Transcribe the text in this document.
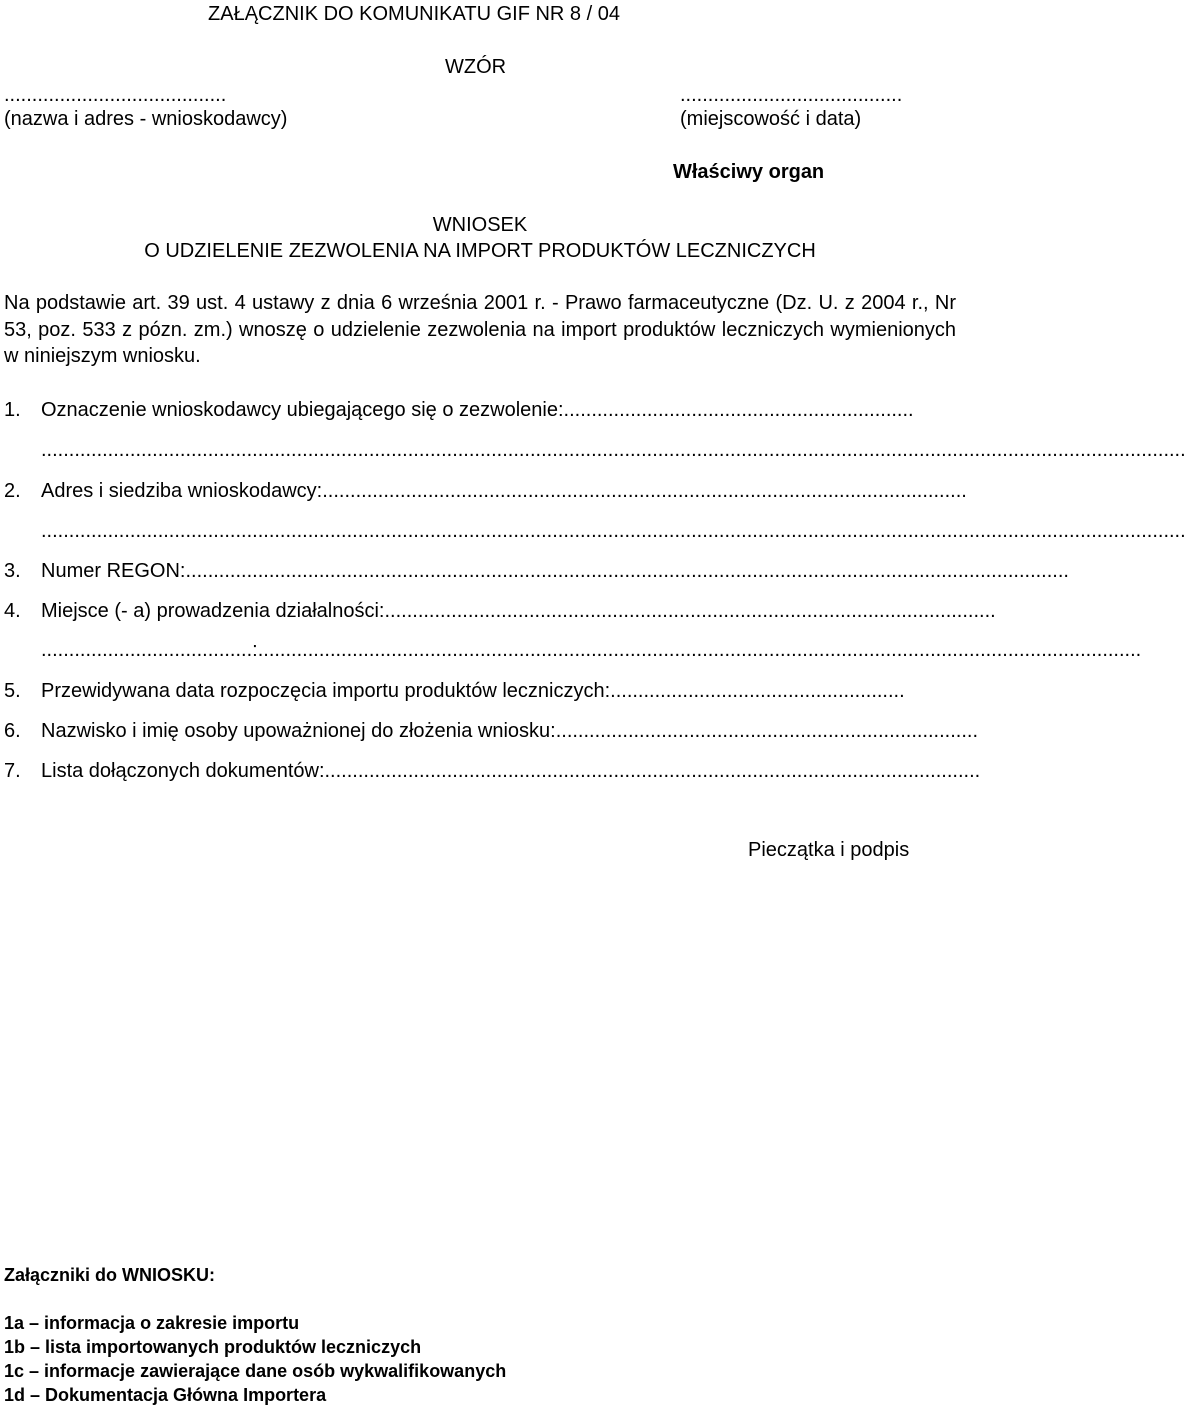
ZAŁĄCZNIK DO KOMUNIKATU GIF NR 8 / 04
WZÓR
........................................	........................................
(nazwa i adres - wnioskodawcy)	(miejscowość i data)
Właściwy organ
WNIOSEK
O UDZIELENIE ZEZWOLENIA NA IMPORT PRODUKTÓW LECZNICZYCH
Na podstawie art. 39 ust. 4 ustawy z dnia 6 września 2001 r. - Prawo farmaceutyczne (Dz. U. z 2004 r., Nr 53, poz. 533 z pózn. zm.) wnoszę o udzielenie zezwolenia na import produktów leczniczych wymienionych w niniejszym wniosku.
1.	Oznaczenie wnioskodawcy ubiegającego się o zezwolenie:...............................................................
..............................................................................................................................................................................................................
2.	Adres i siedziba wnioskodawcy:....................................................................................................................
..............................................................................................................................................................................................................
3.	Numer REGON:...............................................................................................................................................................
4.	Miejsce (- a) prowadzenia działalności:..............................................................................................................
......................................:...............................................................................................................................................................
5.	Przewidywana data rozpoczęcia importu produktów leczniczych:.....................................................
6.	Nazwisko i imię osoby upoważnionej do złożenia wniosku:............................................................................
7.	Lista dołączonych dokumentów:......................................................................................................................
Pieczątka i podpis
Załączniki do WNIOSKU:
1a – informacja o zakresie importu
1b – lista importowanych produktów leczniczych
1c – informacje zawierające dane osób wykwalifikowanych
1d – Dokumentacja Główna Importera
